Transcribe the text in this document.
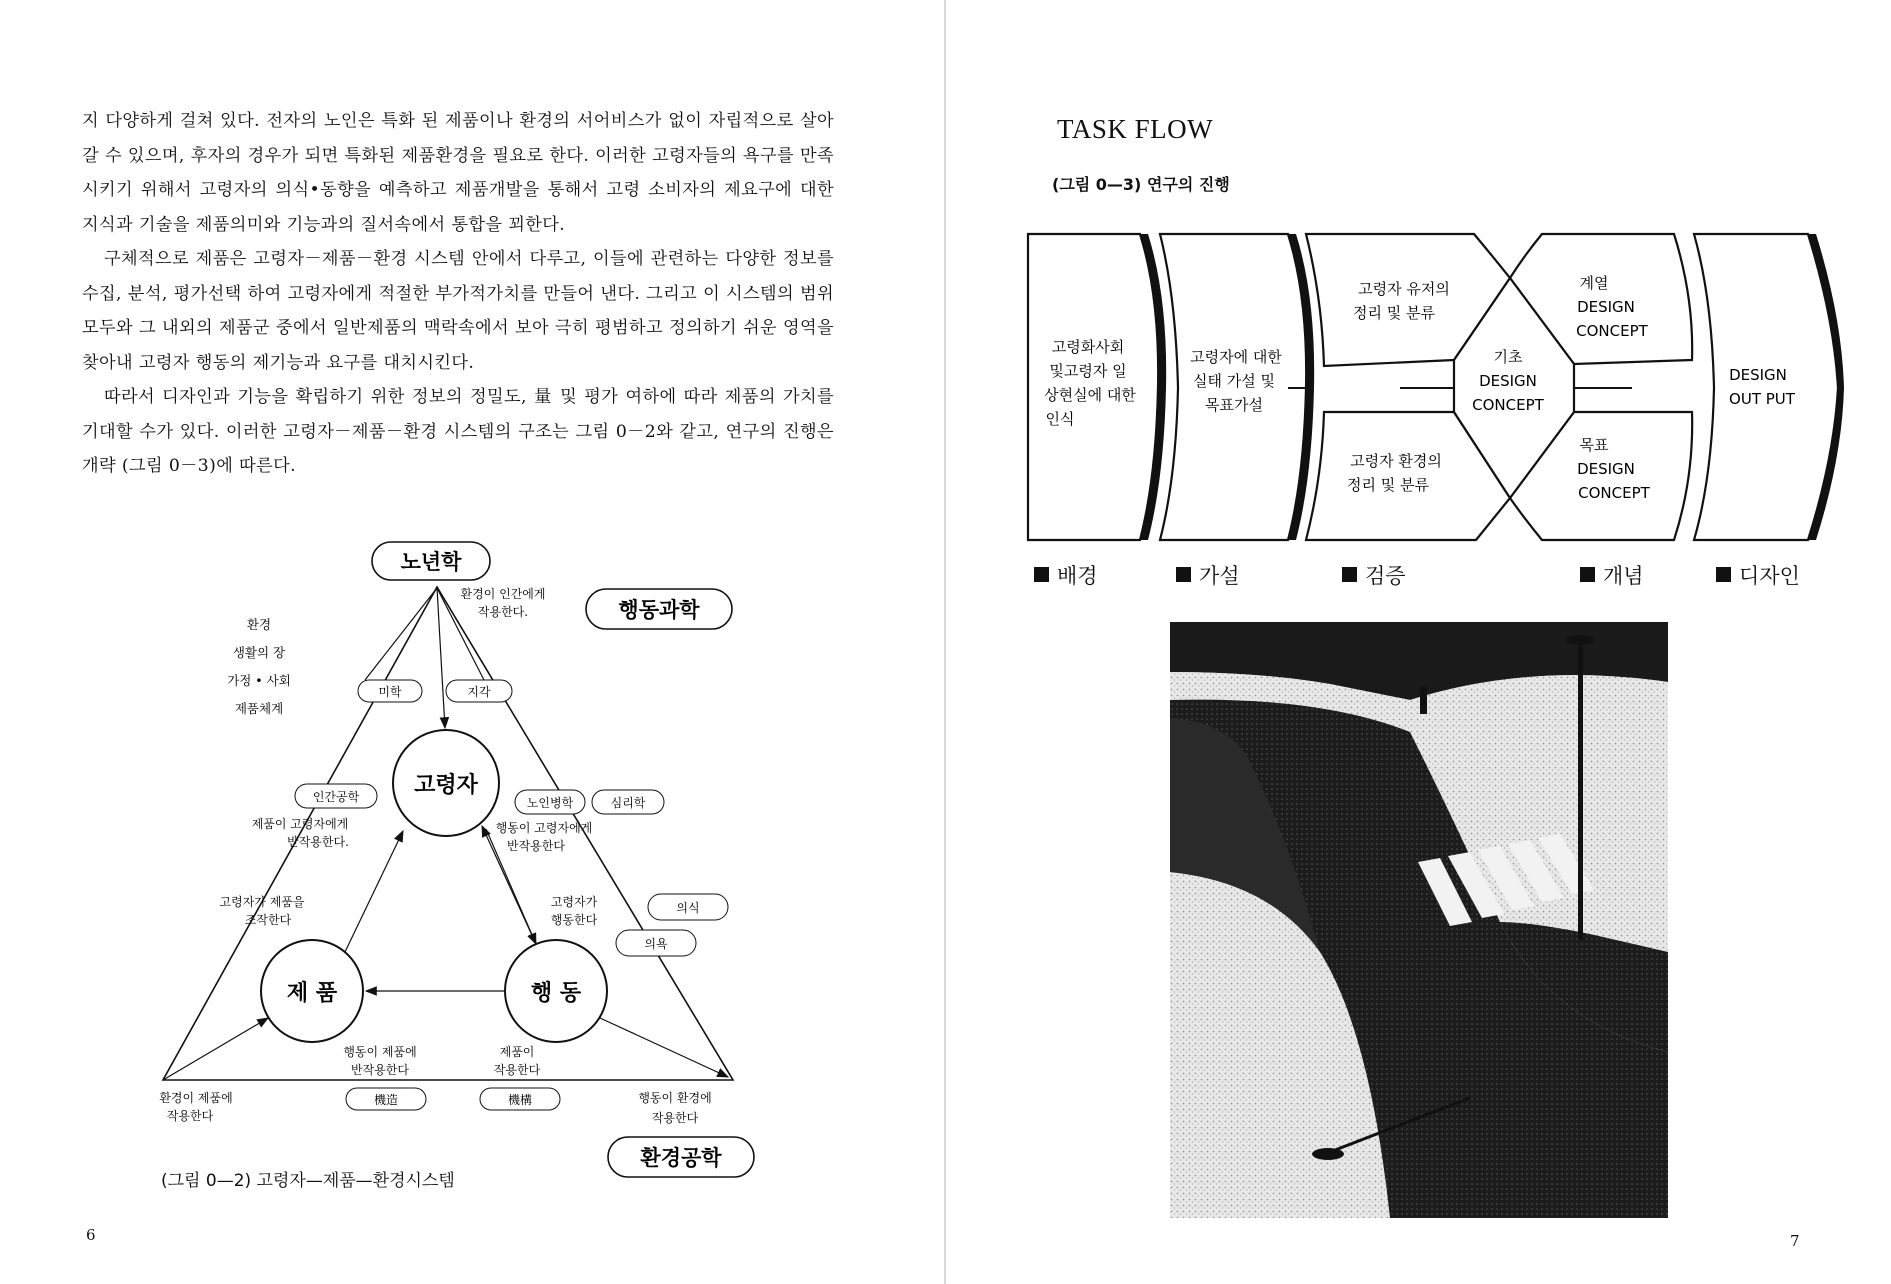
지 다양하게 걸쳐 있다. 전자의 노인은 특화 된 제품이나 환경의 서어비스가 없이 자립적으로 살아갈 수 있으며, 후자의 경우가 되면 특화된 제품환경을 필요로 한다. 이러한 고령자들의 욕구를 만족시키기 위해서 고령자의 의식•동향을 예측하고 제품개발을 통해서 고령 소비자의 제요구에 대한 지식과 기술을 제품의미와 기능과의 질서속에서 통합을 꾀한다.

구체적으로 제품은 고령자－제품－환경 시스템 안에서 다루고, 이들에 관련하는 다양한 정보를 수집, 분석, 평가선택 하여 고령자에게 적절한 부가적가치를 만들어 낸다. 그리고 이 시스템의 범위 모두와 그 내외의 제품군 중에서 일반제품의 맥락속에서 보아 극히 평범하고 정의하기 쉬운 영역을 찾아내 고령자 행동의 제기능과 요구를 대치시킨다.

따라서 디자인과 기능을 확립하기 위한 정보의 정밀도, 量 및 평가 여하에 따라 제품의 가치를 기대할 수가 있다. 이러한 고령자－제품－환경 시스템의 구조는 그림 0－2와 같고, 연구의 진행은 개략 (그림 0－3)에 따른다.

노년학
행동과학
환경공학
환경
생활의 장
가정 • 사회
제품체계
환경이 인간에게
작용한다.
미학	지각
고령자
제 품	행 동
인간공학	노인병학	심리학
제품이 고령자에게
반작용한다.
행동이 고령자에게
반작용한다
고령자가 제품을
조작한다
고령자가
행동한다
행동이 제품에
반작용한다
제품이
작용한다
환경이 제품에
작용한다
행동이 환경에
작용한다
의식
의욕
機造	機構
(그림 0—2) 고령자—제품—환경시스템
6
TASK FLOW
(그림 0—3) 연구의 진행
고령화사회
및고령자 일
상현실에 대한
인식
고령자에 대한
실태 가설 및
목표가설
고령자 유저의
정리 및 분류
고령자 환경의
정리 및 분류
기초
DESIGN
CONCEPT
계열
DESIGN
CONCEPT
목표
DESIGN
CONCEPT
DESIGN
OUT PUT
배경	가설	검증	개념	디자인
7
